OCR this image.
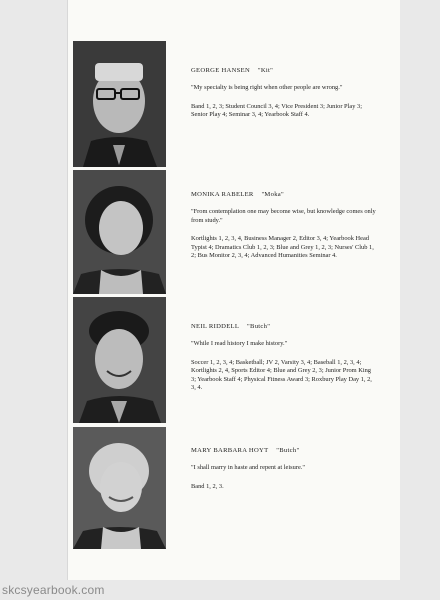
GEORGE HANSEN "Kit"

"My specialty is being right when other people are wrong."

Band 1, 2, 3; Student Council 3, 4; Vice President 3; Junior Play 3; Senior Play 4; Seminar 3, 4; Yearbook Staff 4.

MONIKA RABELER "Moka"

"From contemplation one may become wise, but knowledge comes only from study."

Kortlights 1, 2, 3, 4, Business Manager 2, Editor 3, 4; Yearbook Head Typist 4; Dramatics Club 1, 2, 3; Blue and Grey 1, 2, 3; Nurses' Club 1, 2; Bus Monitor 2, 3, 4; Advanced Humanities Seminar 4.

NEIL RIDDELL "Butch"

"While I read history I make history."

Soccer 1, 2, 3, 4; Basketball; JV 2, Varsity 3, 4; Baseball 1, 2, 3, 4; Kortlights 2, 4, Sports Editor 4; Blue and Grey 2, 3; Junior Prom King 3; Yearbook Staff 4; Physical Fitness Award 3; Roxbury Play Day 1, 2, 3, 4.

MARY BARBARA HOYT "Butch"

"I shall marry in haste and repent at leisure."

Band 1, 2, 3.

skcsyearbook.com
